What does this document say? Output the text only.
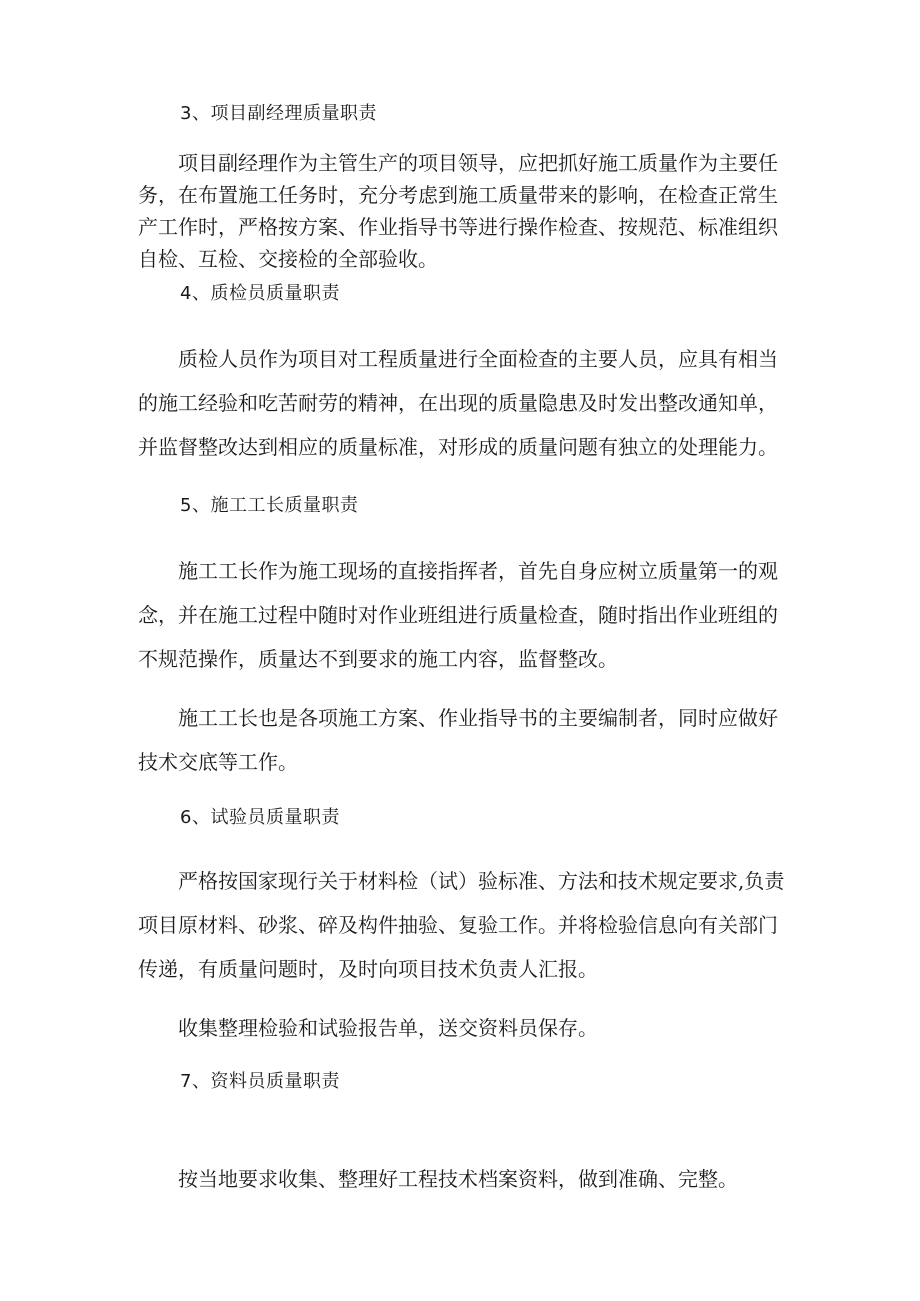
3、项目副经理质量职责
项目副经理作为主管生产的项目领导，应把抓好施工质量作为主要任
务，在布置施工任务时，充分考虑到施工质量带来的影响，在检查正常生
产工作时，严格按方案、作业指导书等进行操作检查、按规范、标准组织
自检、互检、交接检的全部验收。
4、质检员质量职责
质检人员作为项目对工程质量进行全面检查的主要人员，应具有相当
的施工经验和吃苦耐劳的精神，在出现的质量隐患及时发出整改通知单，
并监督整改达到相应的质量标准，对形成的质量问题有独立的处理能力。
5、施工工长质量职责
施工工长作为施工现场的直接指挥者，首先自身应树立质量第一的观
念，并在施工过程中随时对作业班组进行质量检查，随时指出作业班组的
不规范操作，质量达不到要求的施工内容，监督整改。
施工工长也是各项施工方案、作业指导书的主要编制者，同时应做好
技术交底等工作。
6、试验员质量职责
严格按国家现行关于材料检（试）验标准、方法和技术规定要求,负责
项目原材料、砂浆、碎及构件抽验、复验工作。并将检验信息向有关部门
传递，有质量问题时，及时向项目技术负责人汇报。
收集整理检验和试验报告单，送交资料员保存。
7、资料员质量职责
按当地要求收集、整理好工程技术档案资料，做到准确、完整。
